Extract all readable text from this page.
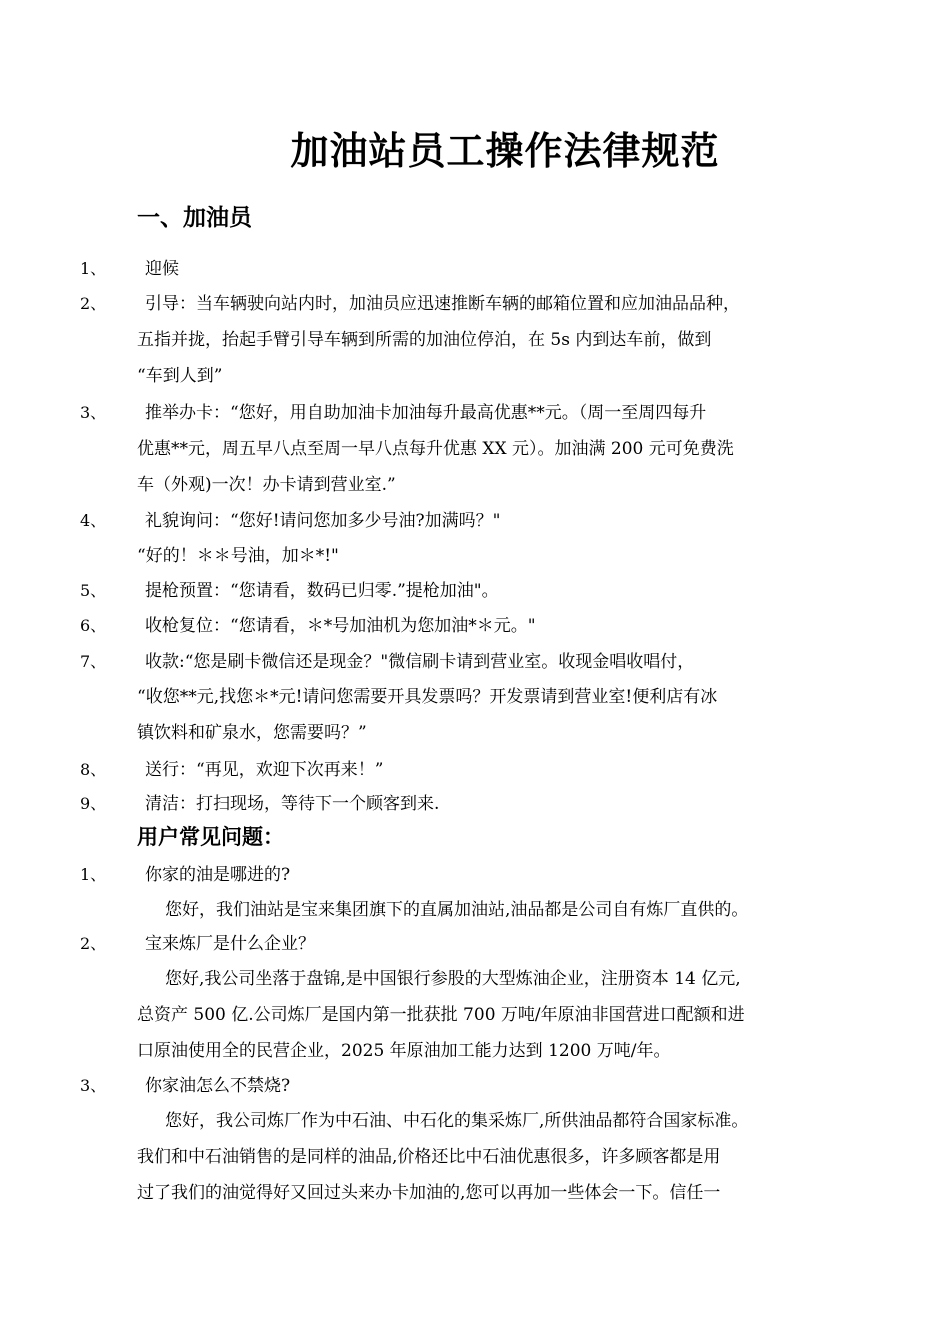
加油站员工操作法律规范
一、加油员
1、 迎候
2、 引导：当车辆驶向站内时，加油员应迅速推断车辆的邮箱位置和应加油品品种，
五指并拢，抬起手臂引导车辆到所需的加油位停泊，在 5s 内到达车前，做到
“车到人到”
3、 推举办卡：“您好，用自助加油卡加油每升最高优惠**元。（周一至周四每升
优惠**元，周五早八点至周一早八点每升优惠 XX 元）。加油满 200 元可免费洗
车（外观)一次！办卡请到营业室.”
4、 礼貌询问：“您好!请问您加多少号油?加满吗？"
“好的！＊＊号油，加＊*!"
5、 提枪预置：“您请看，数码已归零.”提枪加油"。
6、 收枪复位：“您请看，＊*号加油机为您加油*＊元。"
7、 收款:“您是刷卡微信还是现金？"微信刷卡请到营业室。收现金唱收唱付，
“收您**元,找您＊*元!请问您需要开具发票吗？开发票请到营业室!便利店有冰
镇饮料和矿泉水，您需要吗？”
8、 送行：“再见，欢迎下次再来！”
9、 清洁：打扫现场，等待下一个顾客到来.
用户常见问题：
1、 你家的油是哪进的?
您好，我们油站是宝来集团旗下的直属加油站,油品都是公司自有炼厂直供的。
2、 宝来炼厂是什么企业？
您好,我公司坐落于盘锦,是中国银行参股的大型炼油企业，注册资本 14 亿元,
总资产 500 亿.公司炼厂是国内第一批获批 700 万吨/年原油非国营进口配额和进
口原油使用全的民营企业，2025 年原油加工能力达到 1200 万吨/年。
3、 你家油怎么不禁烧?
您好，我公司炼厂作为中石油、中石化的集采炼厂,所供油品都符合国家标准。
我们和中石油销售的是同样的油品,价格还比中石油优惠很多，许多顾客都是用
过了我们的油觉得好又回过头来办卡加油的,您可以再加一些体会一下。信任一
